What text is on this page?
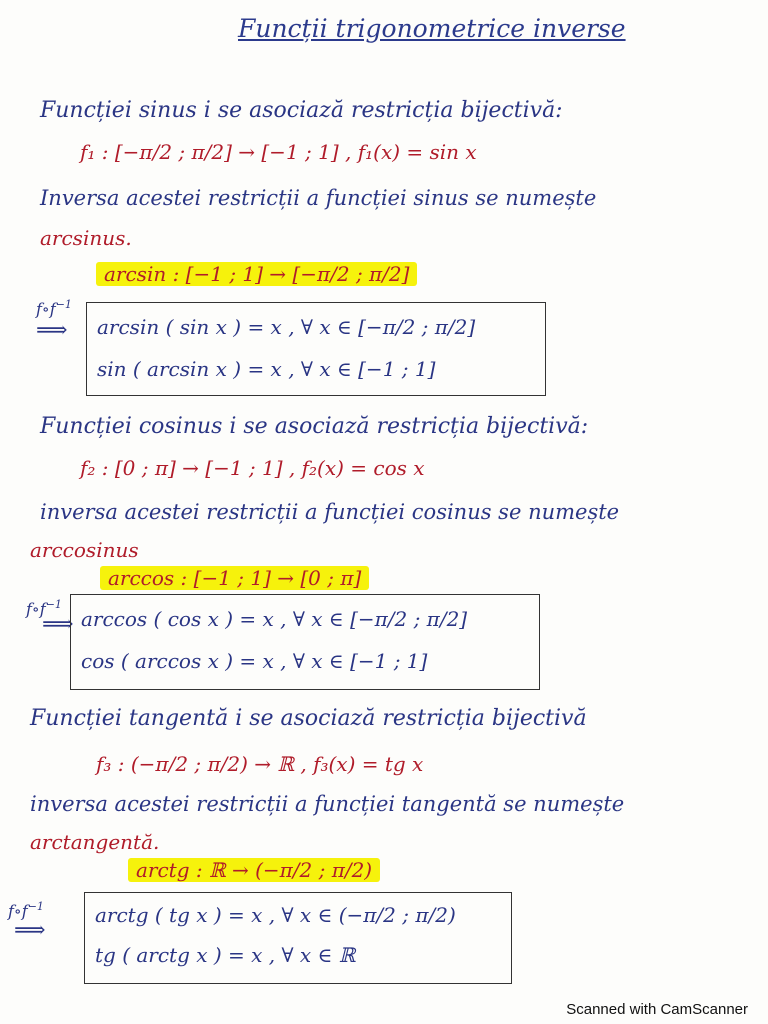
Funcții trigonometrice inverse
Funcției sinus i se asociază restricția bijectivă:
f₁ : [−π/2 ; π/2] → [−1 ; 1] , f₁(x) = sin x
Inversa acestei restricții a funcției sinus se numește
arcsinus.
arcsin : [−1 ; 1] → [−π/2 ; π/2]
$f\circ f^{-1}$
⟹ arcsin ( sin x ) = x , ∀ x ∈ [−π/2 ; π/2]
sin ( arcsin x ) = x , ∀ x ∈ [−1 ; 1]
Funcției cosinus i se asociază restricția bijectivă:
f₂ : [0 ; π] → [−1 ; 1] , f₂(x) = cos x
inversa acestei restricții a funcției cosinus se numește
arccosinus
arccos : [−1 ; 1] → [0 ; π]
$f\circ f^{-1}$
⟹ arccos ( cos x ) = x , ∀ x ∈ [−π/2 ; π/2]
cos ( arccos x ) = x , ∀ x ∈ [−1 ; 1]
Funcției tangentă i se asociază restricția bijectivă
f₃ : (−π/2 ; π/2) → ℝ , f₃(x) = tg x
inversa acestei restricții a funcției tangentă se numește
arctangentă.
arctg : ℝ → (−π/2 ; π/2)
$f\circ f^{-1}$
⟹
arctg ( tg x ) = x , ∀ x ∈ (−π/2 ; π/2)
tg ( arctg x ) = x , ∀ x ∈ ℝ
Scanned with CamScanner
